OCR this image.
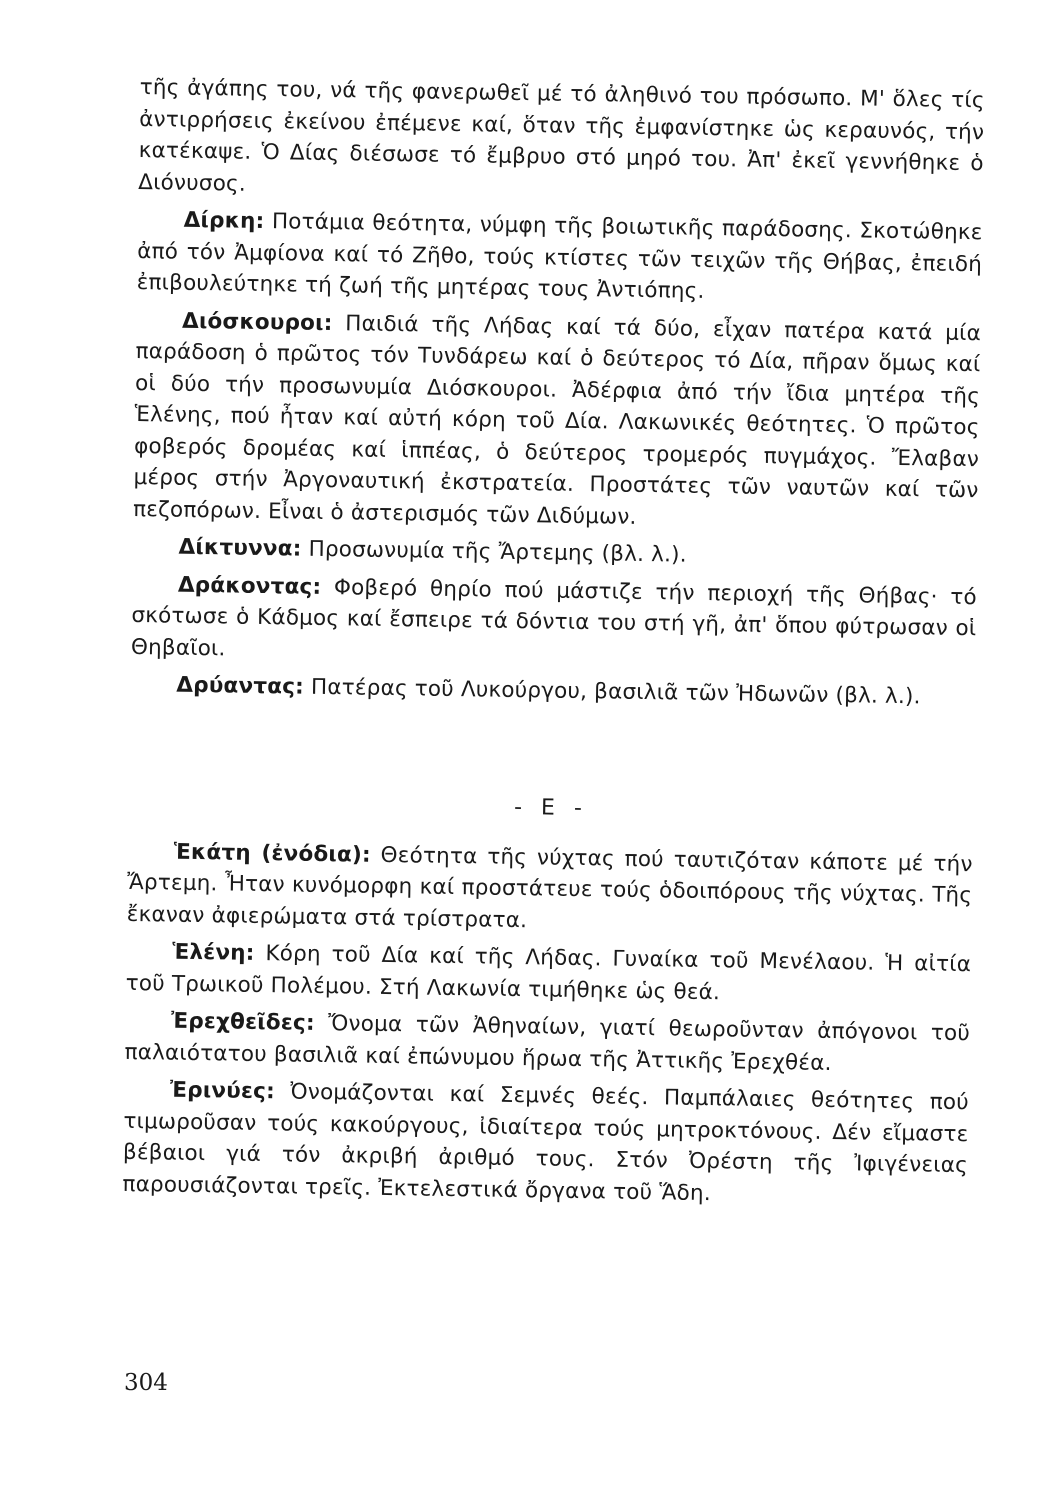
τῆς ἀγάπης του, νά τῆς φανερωθεῖ μέ τό ἀληθινό του πρόσωπο. Μ' ὅλες τίς ἀντιρρήσεις ἐκείνου ἐπέμενε καί, ὅταν τῆς ἐμφανίστηκε ὡς κεραυνός, τήν κατέκαψε. Ὁ Δίας διέσωσε τό ἔμβρυο στό μηρό του. Ἀπ' ἐκεῖ γεννήθηκε ὁ Διόνυσος.

Δίρκη: Ποτάμια θεότητα, νύμφη τῆς βοιωτικῆς παράδοσης. Σκοτώθηκε ἀπό τόν Ἀμφίονα καί τό Ζῆθο, τούς κτίστες τῶν τειχῶν τῆς Θήβας, ἐπειδή ἐπιβουλεύτηκε τή ζωή τῆς μητέρας τους Ἀντιόπης.

Διόσκουροι: Παιδιά τῆς Λήδας καί τά δύο, εἶχαν πατέρα κατά μία παράδοση ὁ πρῶτος τόν Τυνδάρεω καί ὁ δεύτερος τό Δία, πῆραν ὅμως καί οἱ δύο τήν προσωνυμία Διόσκουροι. Ἀδέρφια ἀπό τήν ἴδια μητέρα τῆς Ἑλένης, πού ἦταν καί αὐτή κόρη τοῦ Δία. Λακωνικές θεότητες. Ὁ πρῶτος φοβερός δρομέας καί ἱππέας, ὁ δεύτερος τρομερός πυγμάχος. Ἔλαβαν μέρος στήν Ἀργοναυτική ἐκστρατεία. Προστάτες τῶν ναυτῶν καί τῶν πεζοπόρων. Εἶναι ὁ ἀστερισμός τῶν Διδύμων.

Δίκτυννα: Προσωνυμία τῆς Ἄρτεμης (βλ. λ.).

Δράκοντας: Φοβερό θηρίο πού μάστιζε τήν περιοχή τῆς Θήβας· τό σκότωσε ὁ Κάδμος καί ἔσπειρε τά δόντια του στή γῆ, ἀπ' ὅπου φύτρωσαν οἱ Θηβαῖοι.

Δρύαντας: Πατέρας τοῦ Λυκούργου, βασιλιᾶ τῶν Ἠδωνῶν (βλ. λ.).

- Ε -

Ἑκάτη (ἐνόδια): Θεότητα τῆς νύχτας πού ταυτιζόταν κάποτε μέ τήν Ἄρτεμη. Ἦταν κυνόμορφη καί προστάτευε τούς ὁδοιπόρους τῆς νύχτας. Τῆς ἔκαναν ἀφιερώματα στά τρίστρατα.

Ἑλένη: Κόρη τοῦ Δία καί τῆς Λήδας. Γυναίκα τοῦ Μενέλαου. Ἡ αἰτία τοῦ Τρωικοῦ Πολέμου. Στή Λακωνία τιμήθηκε ὡς θεά.

Ἐρεχθεῖδες: Ὄνομα τῶν Ἀθηναίων, γιατί θεωροῦνταν ἀπόγονοι τοῦ παλαιότατου βασιλιᾶ καί ἐπώνυμου ἥρωα τῆς Ἀττικῆς Ἐρεχθέα.

Ἐρινύες: Ὀνομάζονται καί Σεμνές θεές. Παμπάλαιες θεότητες πού τιμωροῦσαν τούς κακούργους, ἰδιαίτερα τούς μητροκτόνους. Δέν εἴμαστε βέβαιοι γιά τόν ἀκριβή ἀριθμό τους. Στόν Ὀρέστη τῆς Ἰφιγένειας παρουσιάζονται τρεῖς. Ἐκτελεστικά ὄργανα τοῦ Ἅδη.

304
